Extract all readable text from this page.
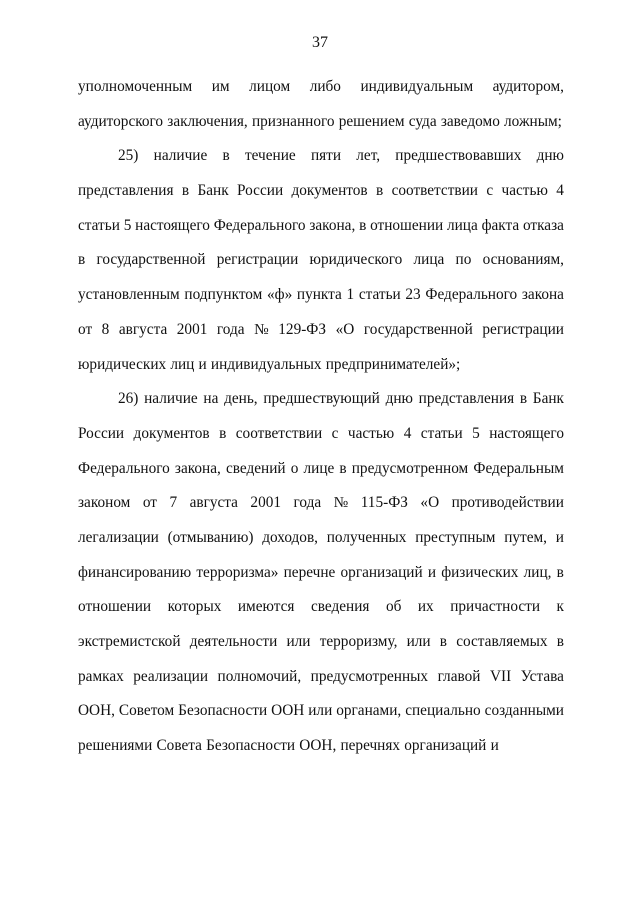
37
уполномоченным им лицом либо индивидуальным аудитором,
аудиторского заключения, признанного решением суда заведомо ложным;
25) наличие в течение пяти лет, предшествовавших дню
представления в Банк России документов в соответствии с частью 4
статьи 5 настоящего Федерального закона, в отношении лица факта отказа
в государственной регистрации юридического лица по основаниям,
установленным подпунктом «ф» пункта 1 статьи 23 Федерального закона
от 8 августа 2001 года № 129-ФЗ «О государственной регистрации
юридических лиц и индивидуальных предпринимателей»;
26) наличие на день, предшествующий дню представления в Банк
России документов в соответствии с частью 4 статьи 5 настоящего
Федерального закона, сведений о лице в предусмотренном Федеральным
законом от 7 августа 2001 года № 115-ФЗ «О противодействии
легализации (отмыванию) доходов, полученных преступным путем, и
финансированию терроризма» перечне организаций и физических лиц, в
отношении которых имеются сведения об их причастности к
экстремистской деятельности или терроризму, или в составляемых в
рамках реализации полномочий, предусмотренных главой VII Устава
ООН, Советом Безопасности ООН или органами, специально созданными
решениями Совета Безопасности ООН, перечнях организаций и
